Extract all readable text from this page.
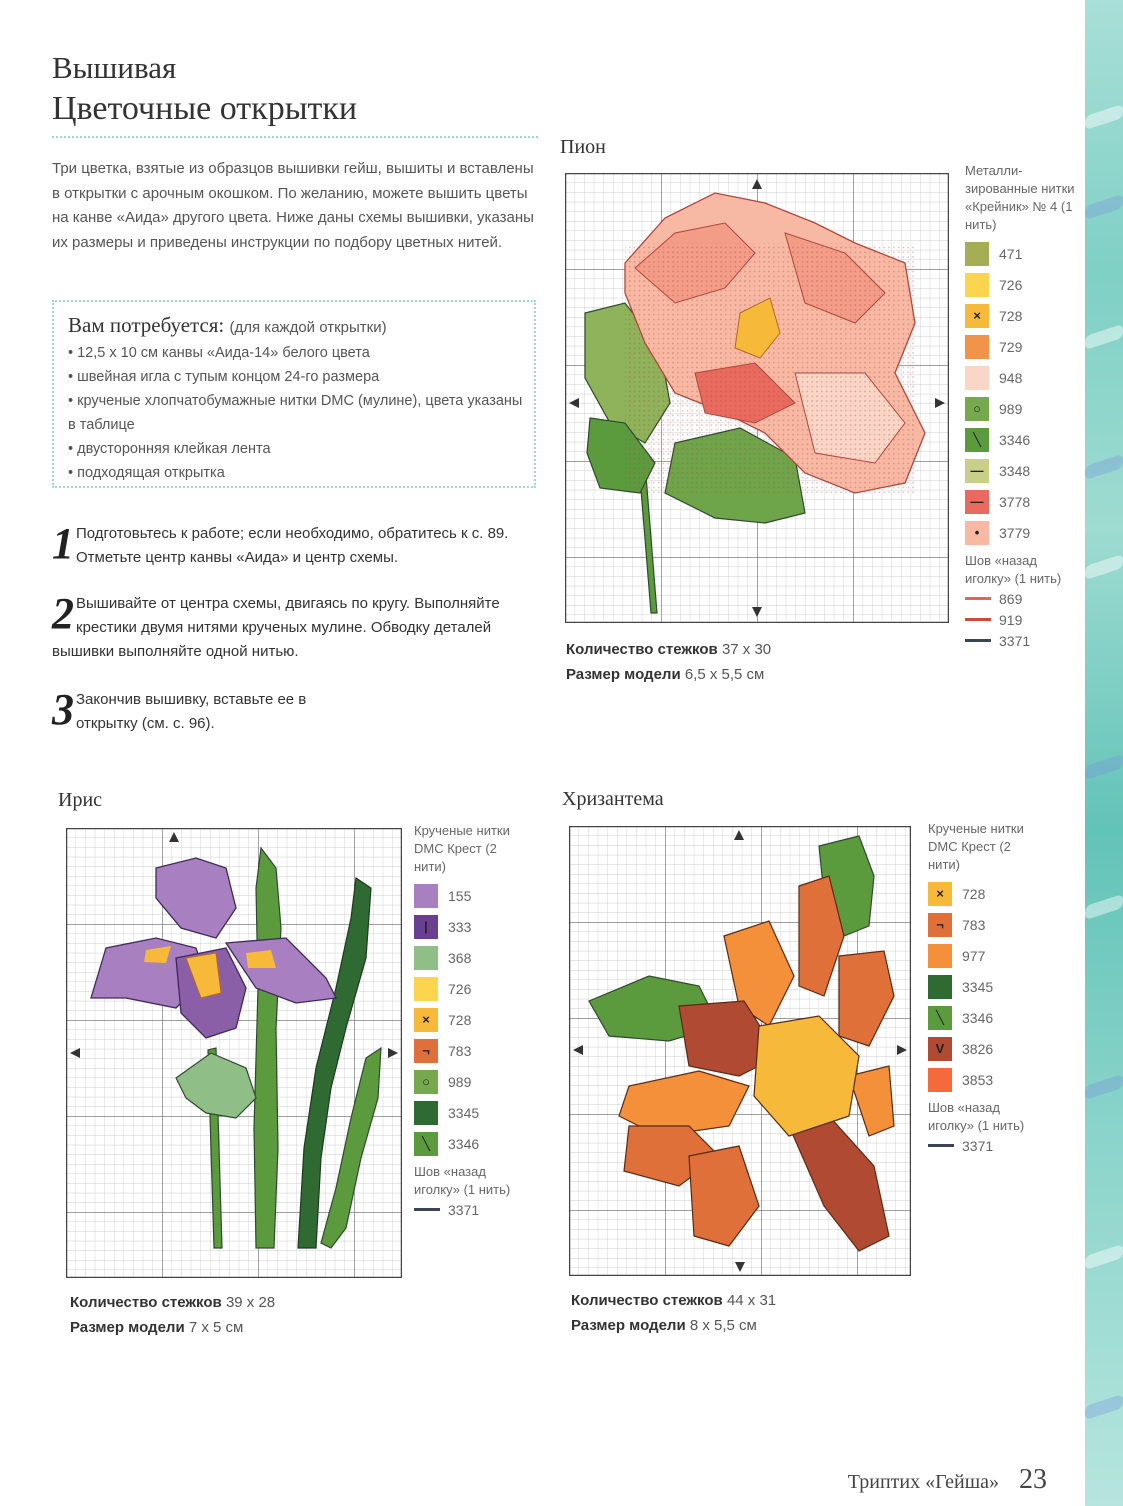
Вышивая
Цветочные открытки
Три цветка, взятые из образцов вышивки гейш, вышиты и вставлены в открытки с арочным окошком. По желанию, можете вышить цветы на канве «Аида» другого цвета. Ниже даны схемы вышивки, указаны их размеры и приведены инструкции по подбору цветных нитей.
Вам потребуется: (для каждой открытки)
• 12,5 х 10 см канвы «Аида-14» белого цвета
• швейная игла с тупым концом 24-го размера
• крученые хлопчатобумажные нитки DMC (мулине), цвета указаны в таблице
• двусторонняя клейкая лента
• подходящая открытка
1 Подготовьтесь к работе; если необходимо, обратитесь к с. 89. Отметьте центр канвы «Аида» и центр схемы.
2 Вышивайте от центра схемы, двигаясь по кругу. Выполняйте крестики двумя нитями крученых мулине. Обводку деталей вышивки выполняйте одной нитью.
3 Закончив вышивку, вставьте ее в открытку (см. с. 96).
Пион
Количество стежков 37 х 30
Размер модели 6,5 х 5,5 см
Металли-зированные нитки «Крейник» № 4 (1 нить)
471
726
× 728
729
948
○ 989
╲ 3346
— 3348
— 3778
• 3779
Шов «назад иголку» (1 нить)
869
919
3371
Ирис
Количество стежков 39 х 28
Размер модели 7 х 5 см
Крученые нитки DMC Крест (2 нити)
155
| 333
368
726
× 728
¬ 783
○ 989
3345
╲ 3346
Шов «назад иголку» (1 нить)
3371
Хризантема
Количество стежков 44 х 31
Размер модели 8 х 5,5 см
Крученые нитки DMC Крест (2 нити)
× 728
¬ 783
977
3345
╲ 3346
V 3826
3853
Шов «назад иголку» (1 нить)
3371
Триптих «Гейша» 23
